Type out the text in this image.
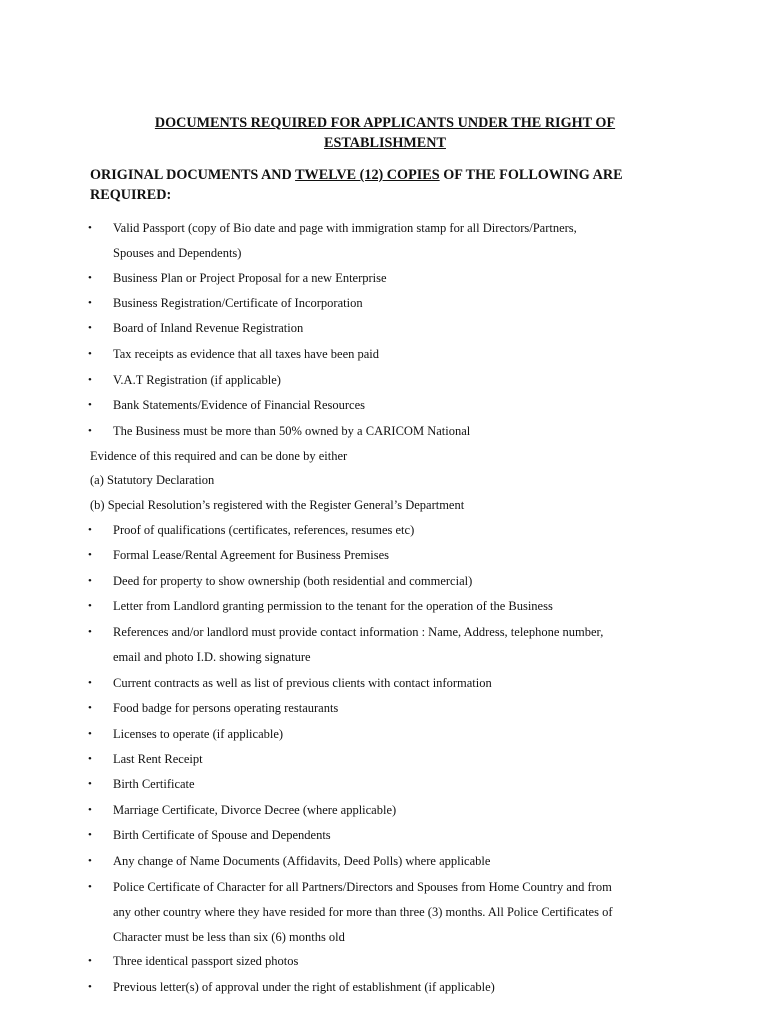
DOCUMENTS REQUIRED FOR APPLICANTS UNDER THE RIGHT OF
ESTABLISHMENT
ORIGINAL DOCUMENTS AND TWELVE (12) COPIES OF THE FOLLOWING ARE
REQUIRED:
• Valid Passport (copy of Bio date and page with immigration stamp for all Directors/Partners,
Spouses and Dependents)
• Business Plan or Project Proposal for a new Enterprise
• Business Registration/Certificate of Incorporation
• Board of Inland Revenue Registration
• Tax receipts as evidence that all taxes have been paid
• V.A.T Registration (if applicable)
• Bank Statements/Evidence of Financial Resources
• The Business must be more than 50% owned by a CARICOM National
Evidence of this required and can be done by either
(a) Statutory Declaration
(b) Special Resolution’s registered with the Register General’s Department
• Proof of qualifications (certificates, references, resumes etc)
• Formal Lease/Rental Agreement for Business Premises
• Deed for property to show ownership (both residential and commercial)
• Letter from Landlord granting permission to the tenant for the operation of the Business
• References and/or landlord must provide contact information : Name, Address, telephone number,
email and photo I.D. showing signature
• Current contracts as well as list of previous clients with contact information
• Food badge for persons operating restaurants
• Licenses to operate (if applicable)
• Last Rent Receipt
• Birth Certificate
• Marriage Certificate, Divorce Decree (where applicable)
• Birth Certificate of Spouse and Dependents
• Any change of Name Documents (Affidavits, Deed Polls) where applicable
• Police Certificate of Character for all Partners/Directors and Spouses from Home Country and from
any other country where they have resided for more than three (3) months. All Police Certificates of
Character must be less than six (6) months old
• Three identical passport sized photos
• Previous letter(s) of approval under the right of establishment (if applicable)
